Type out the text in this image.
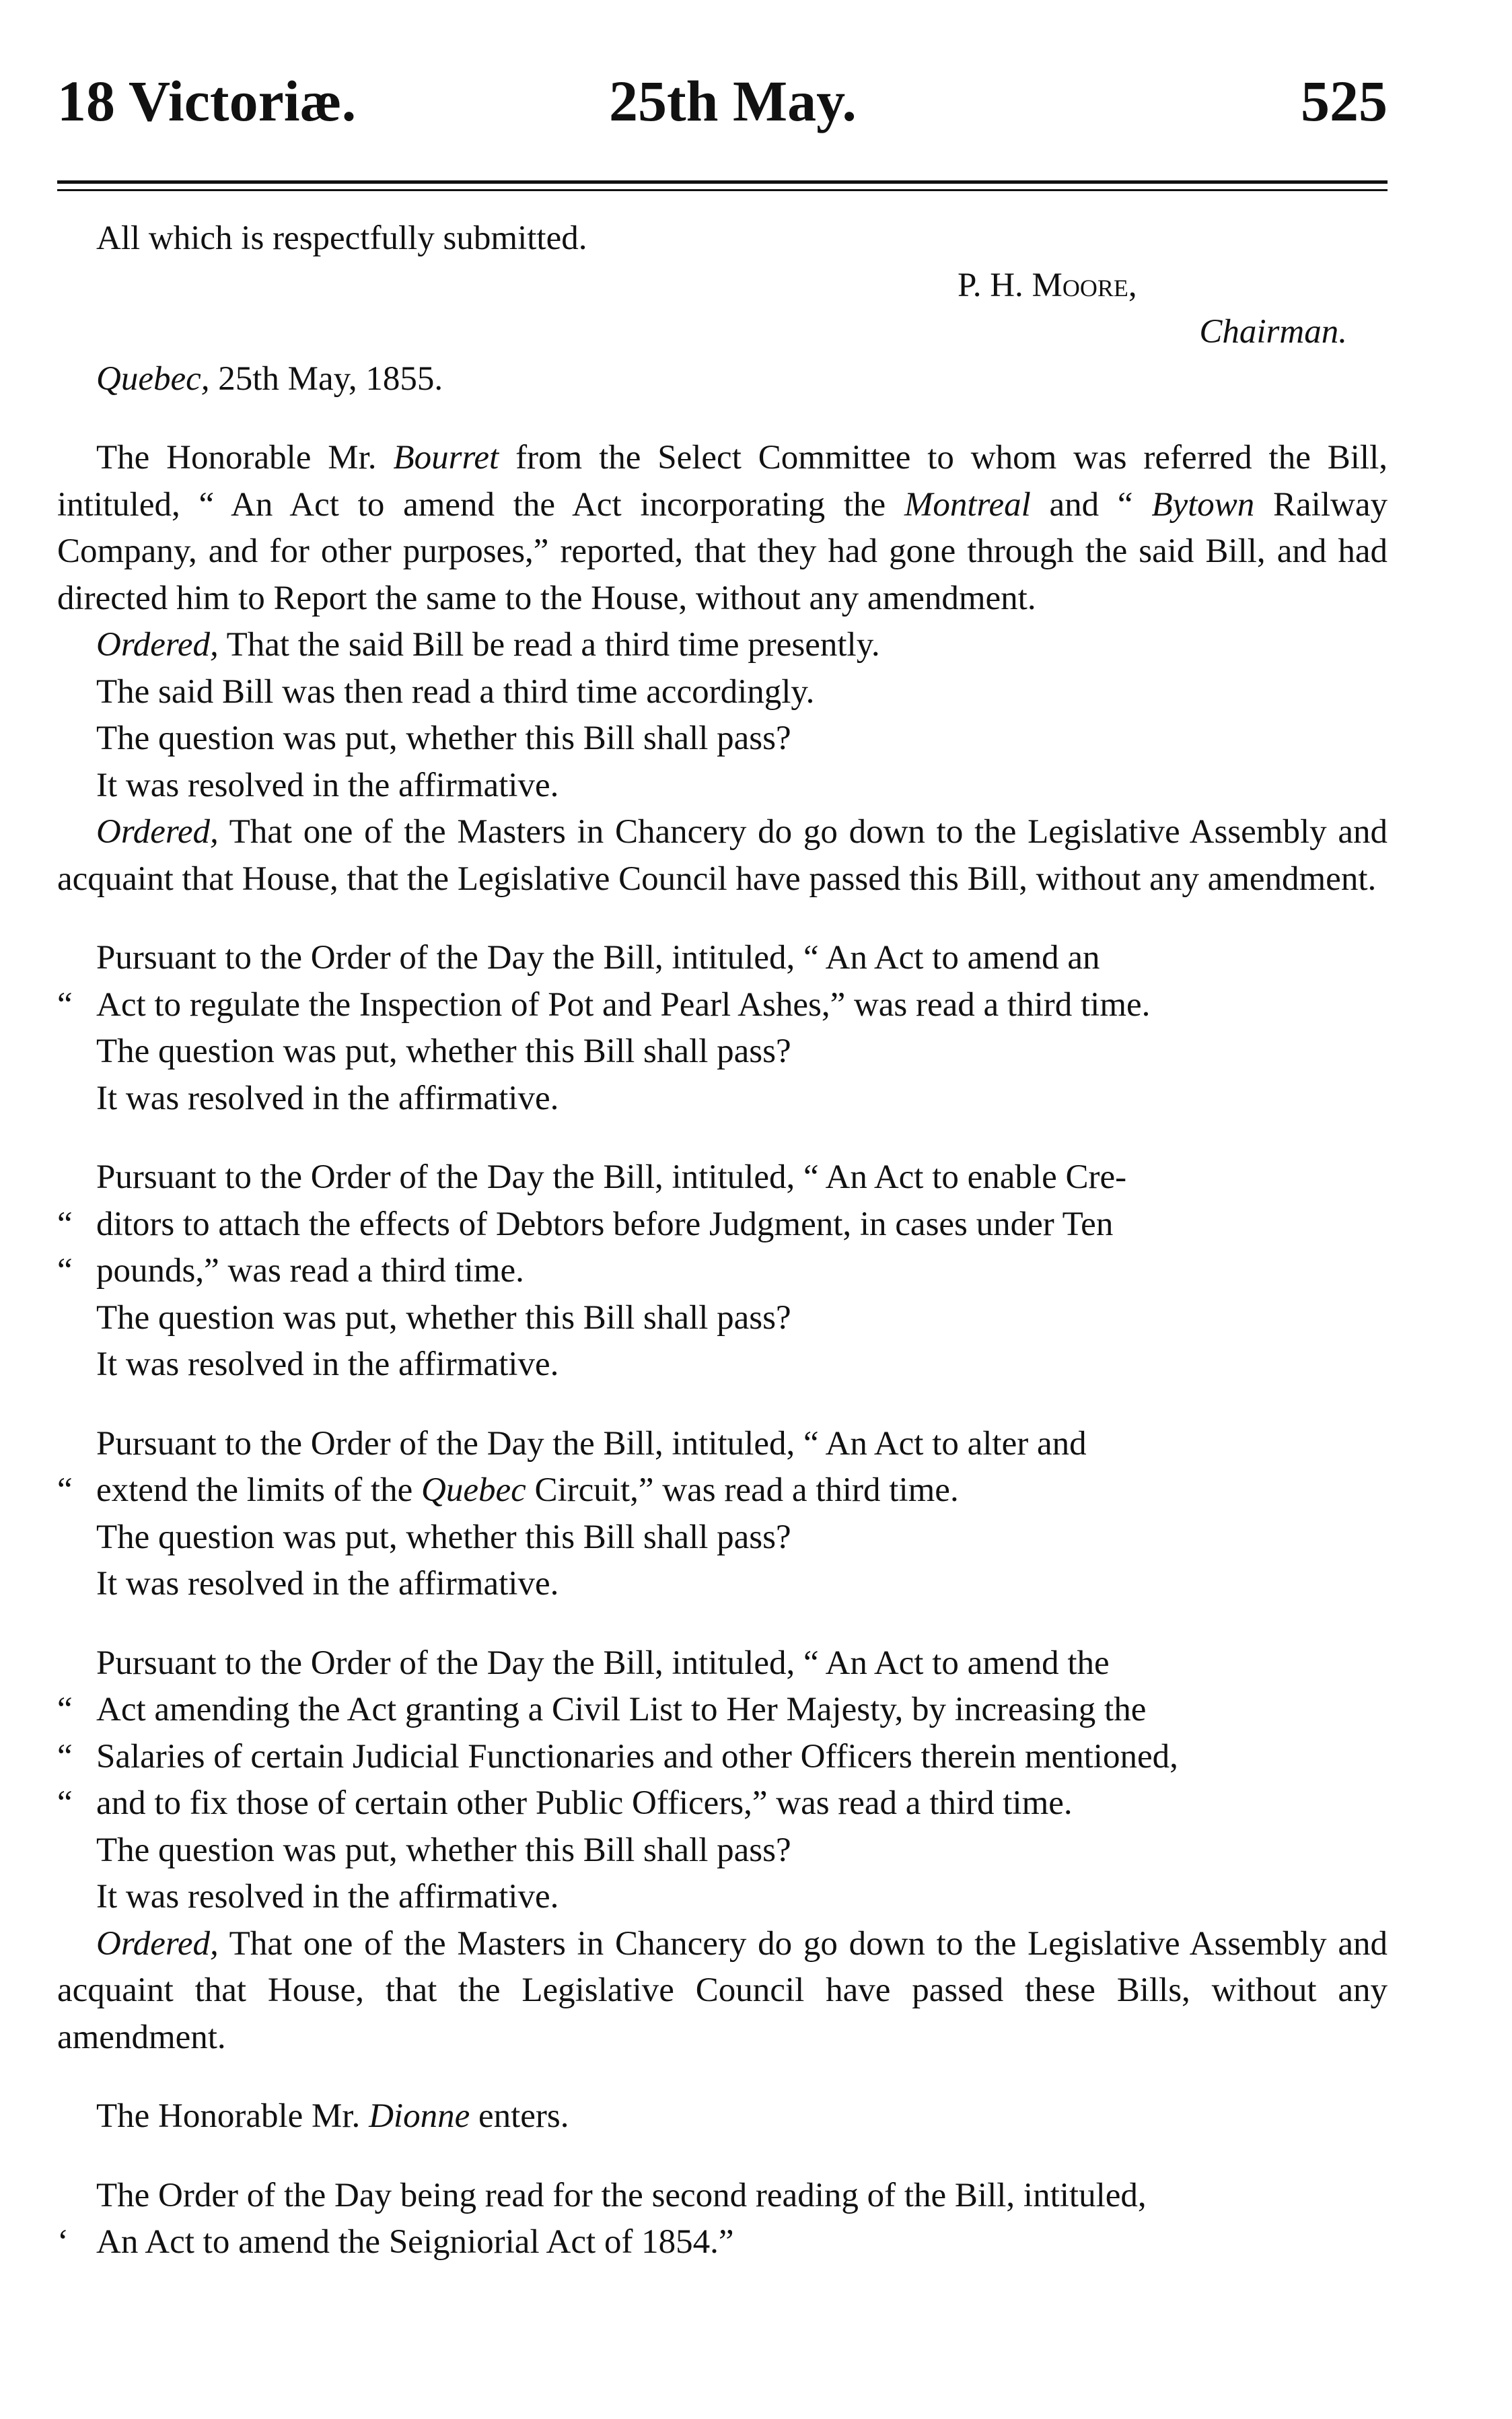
18 Victoriæ.	25th May.	525

All which is respectfully submitted.

P. H. Moore,

Chairman.

Quebec, 25th May, 1855.

The Honorable Mr. Bourret from the Select Committee to whom was referred the Bill, intituled, “ An Act to amend the Act incorporating the Montreal and “ Bytown Railway Company, and for other purposes,” reported, that they had gone through the said Bill, and had directed him to Report the same to the House, without any amendment.

Ordered, That the said Bill be read a third time presently.

The said Bill was then read a third time accordingly.

The question was put, whether this Bill shall pass?

It was resolved in the affirmative.

Ordered, That one of the Masters in Chancery do go down to the Legislative Assembly and acquaint that House, that the Legislative Council have passed this Bill, without any amendment.

Pursuant to the Order of the Day the Bill, intituled, “ An Act to amend an

“ Act to regulate the Inspection of Pot and Pearl Ashes,” was read a third time.

The question was put, whether this Bill shall pass?

It was resolved in the affirmative.

Pursuant to the Order of the Day the Bill, intituled, “ An Act to enable Cre-

“ ditors to attach the effects of Debtors before Judgment, in cases under Ten

“ pounds,” was read a third time.

The question was put, whether this Bill shall pass?

It was resolved in the affirmative.

Pursuant to the Order of the Day the Bill, intituled, “ An Act to alter and

“ extend the limits of the Quebec Circuit,” was read a third time.

The question was put, whether this Bill shall pass?

It was resolved in the affirmative.

Pursuant to the Order of the Day the Bill, intituled, “ An Act to amend the

“ Act amending the Act granting a Civil List to Her Majesty, by increasing the

“ Salaries of certain Judicial Functionaries and other Officers therein mentioned,

“ and to fix those of certain other Public Officers,” was read a third time.

The question was put, whether this Bill shall pass?

It was resolved in the affirmative.

Ordered, That one of the Masters in Chancery do go down to the Legislative Assembly and acquaint that House, that the Legislative Council have passed these Bills, without any amendment.

The Honorable Mr. Dionne enters.

The Order of the Day being read for the second reading of the Bill, intituled,

‘ An Act to amend the Seigniorial Act of 1854.”
